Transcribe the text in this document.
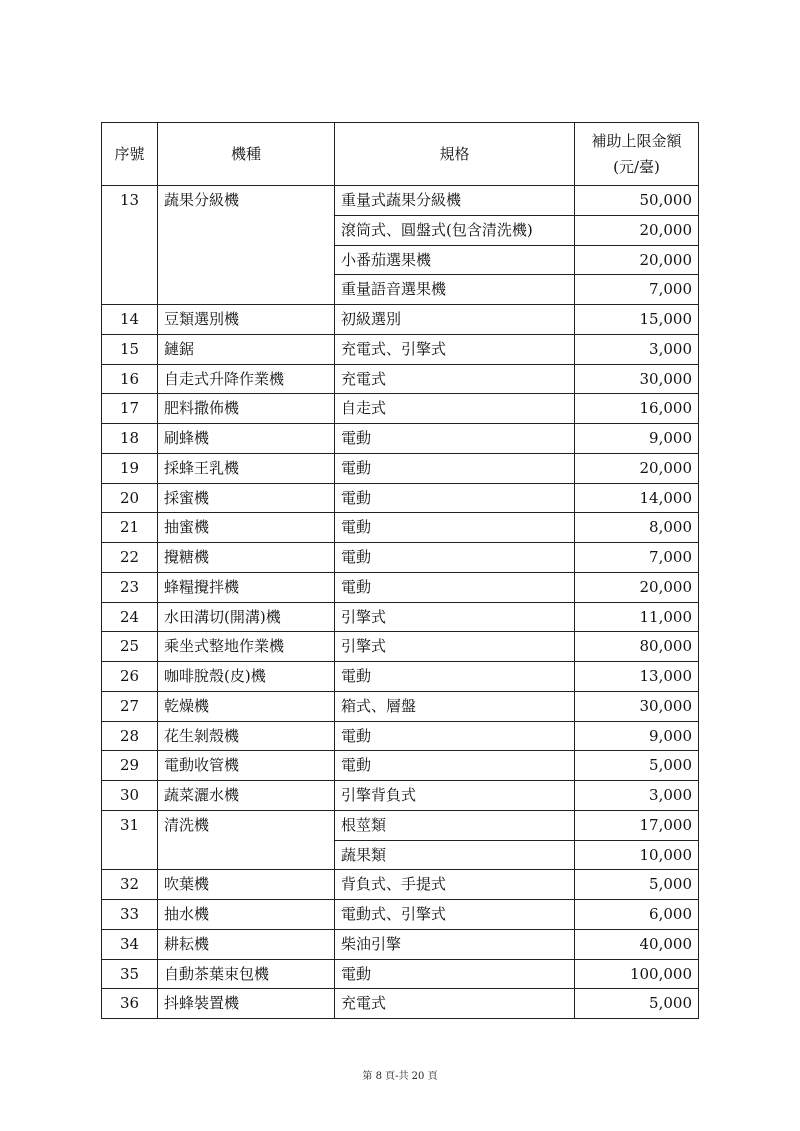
序號	機種	規格	補助上限金額
(元/臺)

13	蔬果分級機	重量式蔬果分級機	50,000
		滾筒式、圓盤式(包含清洗機)	20,000
		小番茄選果機	20,000
		重量語音選果機	7,000
14	豆類選別機	初級選別	15,000
15	鏈鋸	充電式、引擎式	3,000
16	自走式升降作業機	充電式	30,000
17	肥料撒佈機	自走式	16,000
18	刷蜂機	電動	9,000
19	採蜂王乳機	電動	20,000
20	採蜜機	電動	14,000
21	抽蜜機	電動	8,000
22	攪糖機	電動	7,000
23	蜂糧攪拌機	電動	20,000
24	水田溝切(開溝)機	引擎式	11,000
25	乘坐式整地作業機	引擎式	80,000
26	咖啡脫殼(皮)機	電動	13,000
27	乾燥機	箱式、層盤	30,000
28	花生剝殼機	電動	9,000
29	電動收管機	電動	5,000
30	蔬菜灑水機	引擎背負式	3,000
31	清洗機	根莖類	17,000
		蔬果類	10,000
32	吹葉機	背負式、手提式	5,000
33	抽水機	電動式、引擎式	6,000
34	耕耘機	柴油引擎	40,000
35	自動茶葉束包機	電動	100,000
36	抖蜂裝置機	充電式	5,000
第 8 頁-共 20 頁
